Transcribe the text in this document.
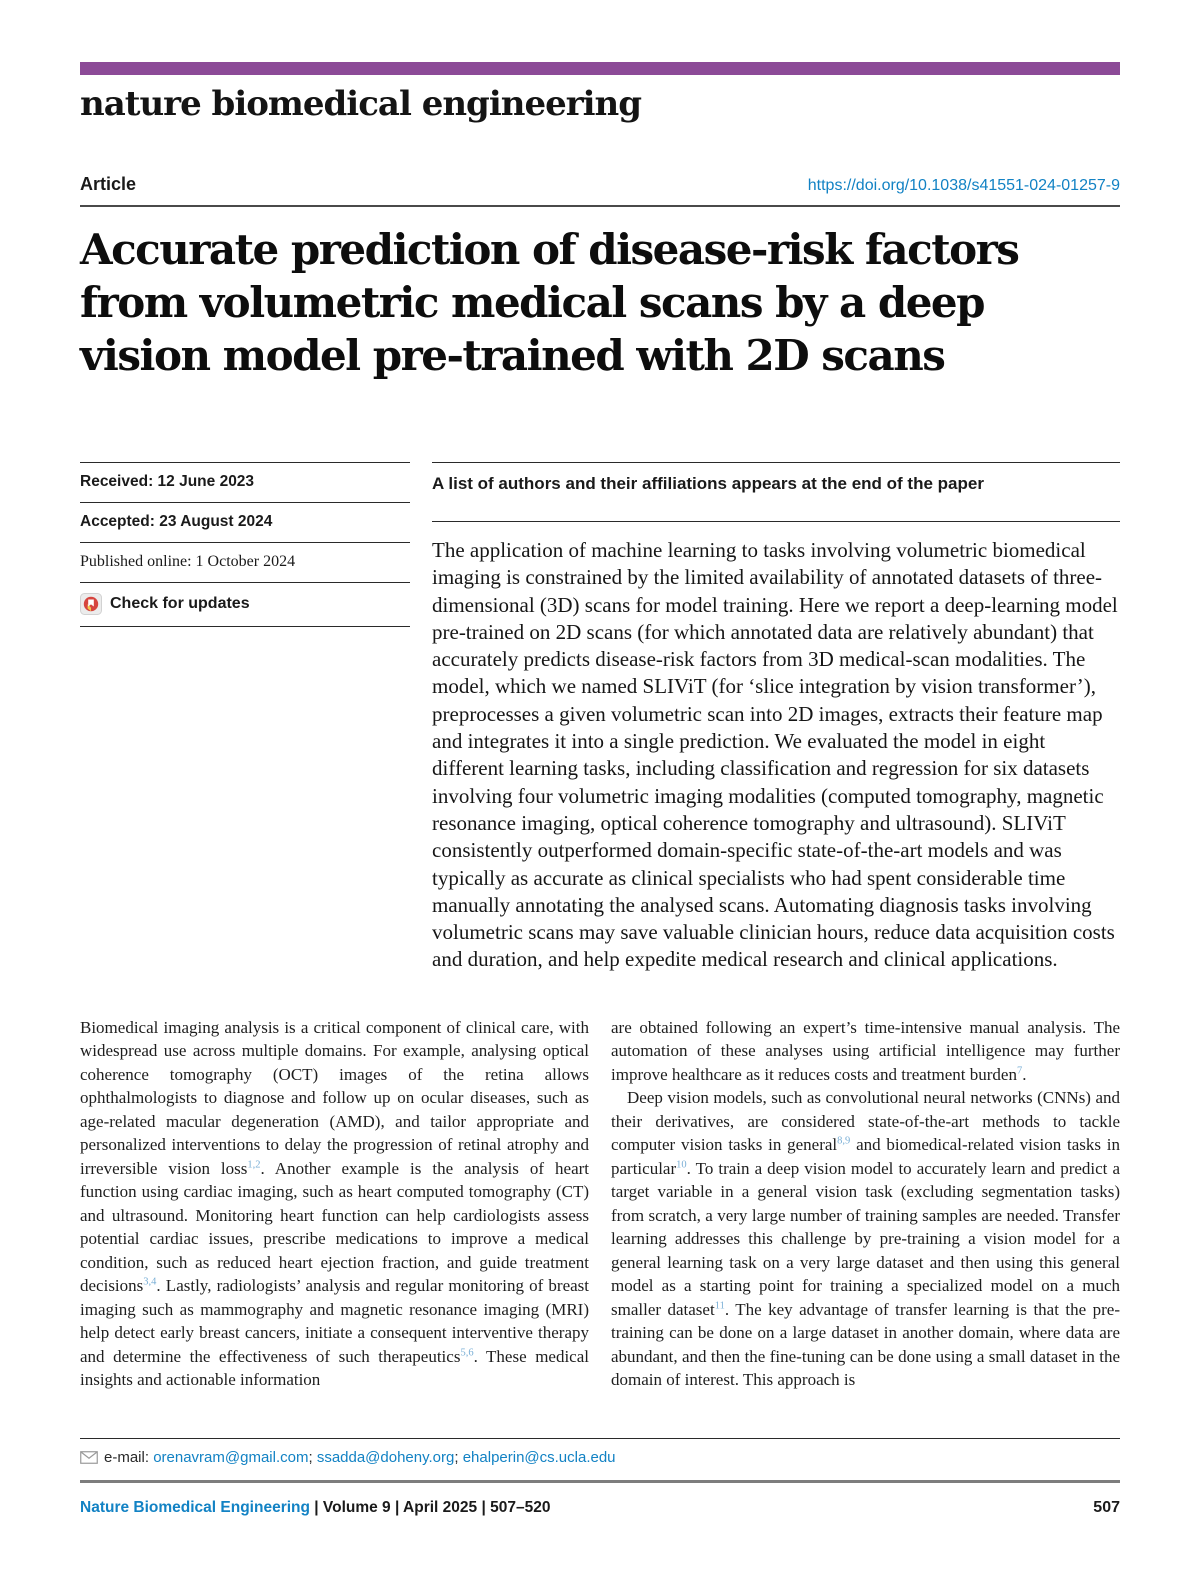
nature biomedical engineering
Article	https://doi.org/10.1038/s41551-024-01257-9
Accurate prediction of disease-risk factors
from volumetric medical scans by a deep
vision model pre-trained with 2D scans
Received: 12 June 2023
Accepted: 23 August 2024
Published online: 1 October 2024
Check for updates
A list of authors and their affiliations appears at the end of the paper
The application of machine learning to tasks involving volumetric biomedical imaging is constrained by the limited availability of annotated datasets of three-dimensional (3D) scans for model training. Here we report a deep-learning model pre-trained on 2D scans (for which annotated data are relatively abundant) that accurately predicts disease-risk factors from 3D medical-scan modalities. The model, which we named SLIViT (for ‘slice integration by vision transformer’), preprocesses a given volumetric scan into 2D images, extracts their feature map and integrates it into a single prediction. We evaluated the model in eight different learning tasks, including classification and regression for six datasets involving four volumetric imaging modalities (computed tomography, magnetic resonance imaging, optical coherence tomography and ultrasound). SLIViT consistently outperformed domain-specific state-of-the-art models and was typically as accurate as clinical specialists who had spent considerable time manually annotating the analysed scans. Automating diagnosis tasks involving volumetric scans may save valuable clinician hours, reduce data acquisition costs and duration, and help expedite medical research and clinical applications.

Biomedical imaging analysis is a critical component of clinical care, with widespread use across multiple domains. For example, analysing optical coherence tomography (OCT) images of the retina allows ophthalmologists to diagnose and follow up on ocular diseases, such as age-related macular degeneration (AMD), and tailor appropriate and personalized interventions to delay the progression of retinal atrophy and irreversible vision loss$^{1,2}$. Another example is the analysis of heart function using cardiac imaging, such as heart computed tomography (CT) and ultrasound. Monitoring heart function can help cardiologists assess potential cardiac issues, prescribe medications to improve a medical condition, such as reduced heart ejection fraction, and guide treatment decisions$^{3,4}$. Lastly, radiologists’ analysis and regular monitoring of breast imaging such as mammography and magnetic resonance imaging (MRI) help detect early breast cancers, initiate a consequent interventive therapy and determine the effectiveness of such therapeutics$^{5,6}$. These medical insights and actionable information

are obtained following an expert’s time-intensive manual analysis. The automation of these analyses using artificial intelligence may further improve healthcare as it reduces costs and treatment burden$^7$.

Deep vision models, such as convolutional neural networks (CNNs) and their derivatives, are considered state-of-the-art methods to tackle computer vision tasks in general$^{8,9}$ and biomedical-related vision tasks in particular$^{10}$. To train a deep vision model to accurately learn and predict a target variable in a general vision task (excluding segmentation tasks) from scratch, a very large number of training samples are needed. Transfer learning addresses this challenge by pre-training a vision model for a general learning task on a very large dataset and then using this general model as a starting point for training a specialized model on a much smaller dataset$^{11}$. The key advantage of transfer learning is that the pre-training can be done on a large dataset in another domain, where data are abundant, and then the fine-tuning can be done using a small dataset in the domain of interest. This approach is

e-mail: orenavram@gmail.com; ssadda@doheny.org; ehalperin@cs.ucla.edu
Nature Biomedical Engineering | Volume 9 | April 2025 | 507–520	507
